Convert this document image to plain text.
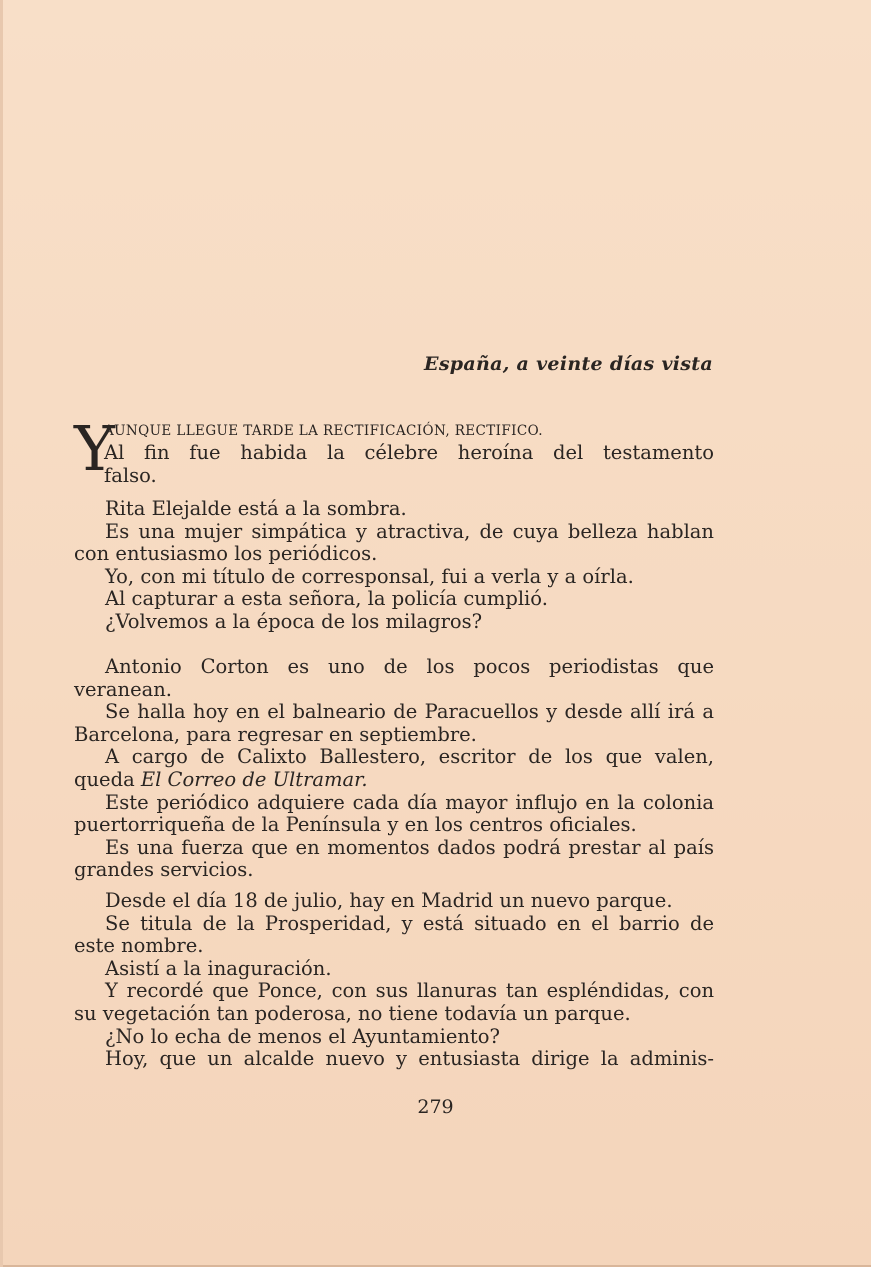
España, a veinte días vista
Y
AUNQUE LLEGUE TARDE LA RECTIFICACIÓN, RECTIFICO.
Al fin fue habida la célebre heroína del testamento
falso.

Rita Elejalde está a la sombra.

Es una mujer simpática y atractiva, de cuya belleza hablan con entusiasmo los periódicos.

Yo, con mi título de corresponsal, fui a verla y a oírla.

Al capturar a esta señora, la policía cumplió.

¿Volvemos a la época de los milagros?

Antonio Corton es uno de los pocos periodistas que veranean.

Se halla hoy en el balneario de Paracuellos y desde allí irá a Barcelona, para regresar en septiembre.

A cargo de Calixto Ballestero, escritor de los que valen, queda El Correo de Ultramar.

Este periódico adquiere cada día mayor influjo en la colonia puertorriqueña de la Península y en los centros oficiales.

Es una fuerza que en momentos dados podrá prestar al país grandes servicios.

Desde el día 18 de julio, hay en Madrid un nuevo parque.

Se titula de la Prosperidad, y está situado en el barrio de este nombre.

Asistí a la inaguración.

Y recordé que Ponce, con sus llanuras tan espléndidas, con su vegetación tan poderosa, no tiene todavía un parque.

¿No lo echa de menos el Ayuntamiento?

Hoy, que un alcalde nuevo y entusiasta dirige la adminis-

279
